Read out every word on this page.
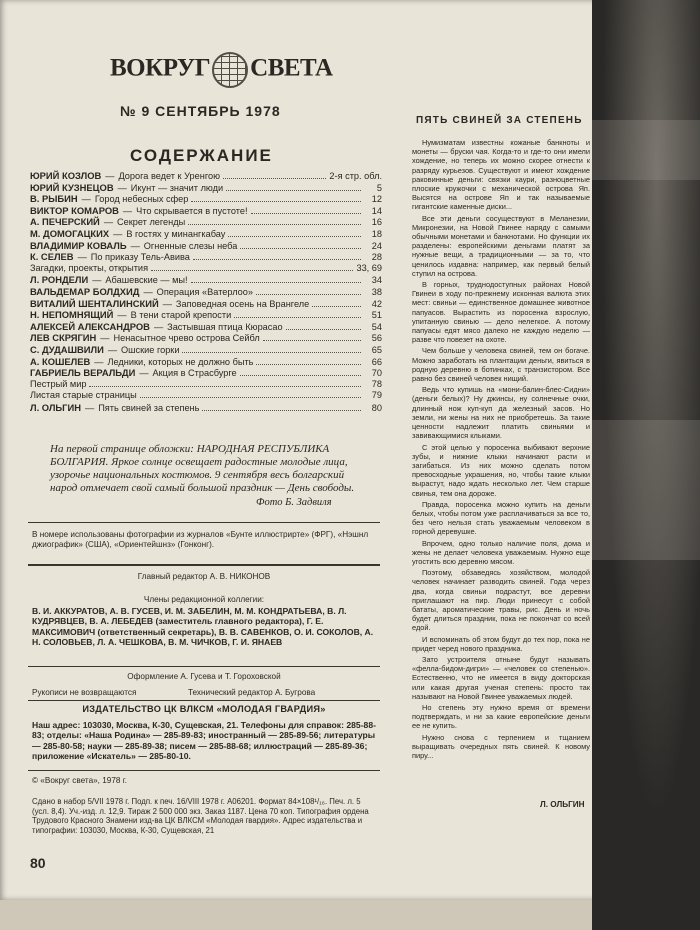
ВОКРУГ СВЕТА
№ 9 СЕНТЯБРЬ 1978
СОДЕРЖАНИЕ
ЮРИЙ КОЗЛОВ — Дорога ведет к Уренгою	2-я стр. обл.
ЮРИЙ КУЗНЕЦОВ — Икунт — значит люди	5
В. РЫБИН — Город небесных сфер	12
ВИКТОР КОМАРОВ — Что скрывается в пустоте!	14
А. ПЕЧЕРСКИЙ — Секрет легенды	16
М. ДОМОГАЦКИХ — В гостях у минангкабау	18
ВЛАДИМИР КОВАЛЬ — Огненные слезы неба	24
К. СЕЛЕВ — По приказу Тель-Авива	28
Загадки, проекты, открытия	33, 69
Л. РОНДЕЛИ — Абашевские — мы!	34
ВАЛЬДЕМАР БОЛДХИД — Операция «Ватерлоо»	38
ВИТАЛИЙ ШЕНТАЛИНСКИЙ — Заповедная осень на Врангеле	42
Н. НЕПОМНЯЩИЙ — В тени старой крепости	51
АЛЕКСЕЙ АЛЕКСАНДРОВ — Застывшая птица Кюрасао	54
ЛЕВ СКРЯГИН — Ненасытное чрево острова Сейбл	56
С. ДУДАШВИЛИ — Ошские горки	65
А. КОШЕЛЕВ — Ледники, которых не должно быть	66
ГАБРИЕЛЬ ВЕРАЛЬДИ — Акция в Страсбурге	70
Пестрый мир	78
Листая старые страницы	79
Л. ОЛЬГИН — Пять свиней за степень	80
На первой странице обложки: НАРОДНАЯ РЕСПУБЛИКА БОЛГАРИЯ. Яркое солнце освещает радостные молодые лица, узорочье национальных костюмов. 9 сентября весь болгарский народ отмечает свой самый большой праздник — День свободы.
Фото Б. Задвиля
В номере использованы фотографии из журналов «Бунте иллюстрирте» (ФРГ), «Нэшнл джиографик» (США), «Ориентейшнз» (Гонконг).
Главный редактор А. В. НИКОНОВ
Члены редакционной коллегии:
В. И. АККУРАТОВ, А. В. ГУСЕВ, И. М. ЗАБЕЛИН, М. М. КОНДРАТЬЕВА, В. Л. КУДРЯВЦЕВ, В. А. ЛЕБЕДЕВ (заместитель главного редактора), Г. Е. МАКСИМОВИЧ (ответственный секретарь), В. В. САВЕНКОВ, О. И. СОКОЛОВ, А. Н. СОЛОВЬЕВ, Л. А. ЧЕШКОВА, В. М. ЧИЧКОВ, Г. И. ЯНАЕВ
Оформление А. Гусева и Т. Гороховской
Рукописи не возвращаются	Технический редактор А. Бугрова
ИЗДАТЕЛЬСТВО ЦК ВЛКСМ «МОЛОДАЯ ГВАРДИЯ»
Наш адрес: 103030, Москва, К-30, Сущевская, 21. Телефоны для справок: 285-88-83; отделы: «Наша Родина» — 285-89-83; иностранный — 285-89-56; литературы — 285-80-58; науки — 285-89-38; писем — 285-88-68; иллюстраций — 285-89-36; приложение «Искатель» — 285-80-10.
© «Вокруг света», 1978 г.
Сдано в набор 5/VII 1978 г. Подп. к печ. 16/VIII 1978 г. А06201. Формат 84×108¹/₁₆. Печ. л. 5 (усл. 8,4). Уч.-изд. л. 12,9. Тираж 2 500 000 экз. Заказ 1187. Цена 70 коп. Типография ордена Трудового Красного Знамени изд-ва ЦК ВЛКСМ «Молодая гвардия». Адрес издательства и типографии: 103030, Москва, К-30, Сущевская, 21
80
ПЯТЬ СВИНЕЙ ЗА СТЕПЕНЬ

Нумизматам известны кожаные банкноты и монеты — бруски чая. Когда-то и где-то они имели хождение, но теперь их можно скорее отнести к разряду курьезов. Существуют и имеют хождение раковинные деньги: связки каури, разноцветные плоские кружочки с механической острова Яп. Высятся на острове Яп и так называемые гигантские каменные диски...

Все эти деньги сосуществуют в Меланезии, Микронезии, на Новой Гвинее наряду с самыми обычными монетами и банкнотами. Но функции их разделены: европейскими деньгами платят за нужные вещи, а традиционными — за то, что ценилось издавна: например, как первый белый ступил на острова.

В горных, труднодоступных районах Новой Гвинеи в ходу по-прежнему исконная валюта этих мест: свиньи — единственное домашнее животное папуасов. Вырастить из поросенка взрослую, упитанную свинью — дело нелегкое. А потому папуасы едят мясо далеко не каждую неделю — разве что повезет на охоте.

Чем больше у человека свиней, тем он богаче. Можно заработать на плантации деньги, явиться в родную деревню в ботинках, с транзистором. Все равно без свиней человек нищий.

Ведь что купишь на «мони-балин-блес-Сидни» (деньги белых)? Ну джинсы, ну солнечные очки, длинный нож куп-куп да железный засов. Но земли, ни жены на них не приобретешь. За такие ценности надлежит платить свиньями и завивающимися клыками.

С этой целью у поросенка выбивают верхние зубы, и нижние клыки начинают расти и загибаться. Из них можно сделать потом превосходные украшения, но, чтобы такие клыки вырастут, надо ждать несколько лет. Чем старше свинья, тем она дороже.

Правда, поросенка можно купить на деньги белых, чтобы потом уже расплачиваться за все то, без чего нельзя стать уважаемым человеком в горной деревушке.

Впрочем, одно только наличие поля, дома и жены не делает человека уважаемым. Нужно еще угостить всю деревню мясом.

Поэтому, обзаведясь хозяйством, молодой человек начинает разводить свиней. Года через два, когда свиньи подрастут, все деревни приглашают на пир. Люди принесут с собой бататы, ароматические травы, рис. День и ночь будет длиться праздник, пока не покончат со всей едой.

И вспоминать об этом будут до тех пор, пока не придет черед нового праздника.

Зато устроителя отныне будут называть «фелла-бидом-дигри» — «человек со степенью». Естественно, что не имеется в виду докторская или какая другая ученая степень: просто так называют на Новой Гвинее уважаемых людей.

Но степень эту нужно время от времени подтверждать, и ни за какие европейские деньги ее не купить.

Нужно снова с терпением и тщанием выращивать очередных пять свиней. К новому пиру...

Л. ОЛЬГИН
